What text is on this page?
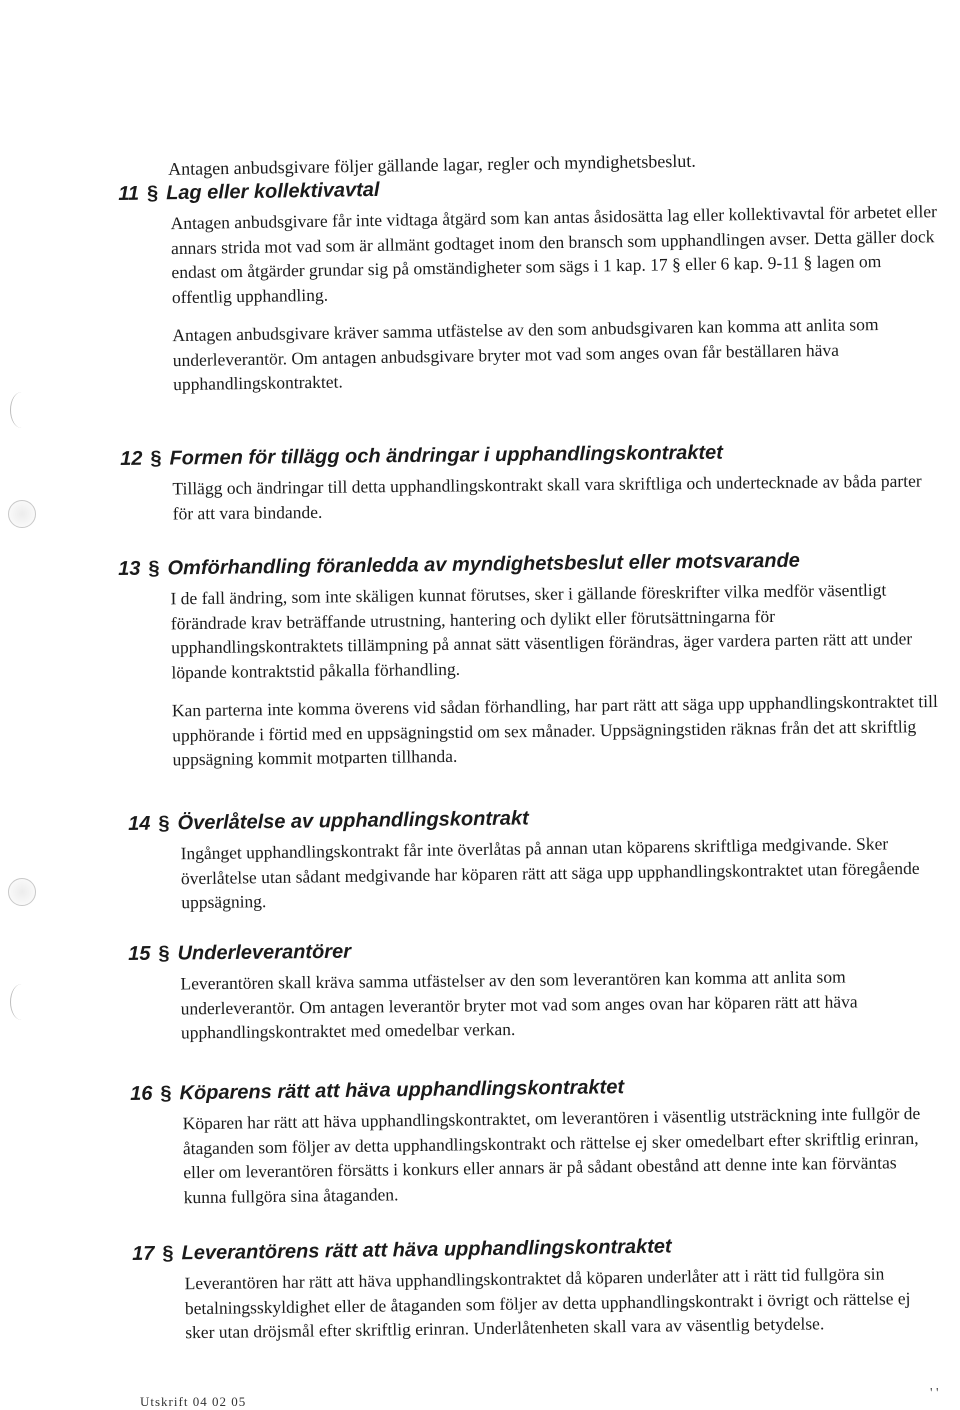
Antagen anbudsgivare följer gällande lagar, regler och myndighetsbeslut.

11 § Lag eller kollektivavtal

Antagen anbudsgivare får inte vidtaga åtgärd som kan antas åsidosätta lag eller kollektivavtal för arbetet eller annars strida mot vad som är allmänt godtaget inom den bransch som upphandlingen avser. Detta gäller dock endast om åtgärder grundar sig på omständigheter som sägs i 1 kap. 17 § eller 6 kap. 9-11 § lagen om offentlig upphandling.

Antagen anbudsgivare kräver samma utfästelse av den som anbudsgivaren kan komma att anlita som underleverantör. Om antagen anbudsgivare bryter mot vad som anges ovan får beställaren häva upphandlingskontraktet.

12 § Formen för tillägg och ändringar i upphandlingskontraktet

Tillägg och ändringar till detta upphandlingskontrakt skall vara skriftliga och undertecknade av båda parter för att vara bindande.

13 § Omförhandling föranledda av myndighetsbeslut eller motsvarande

I de fall ändring, som inte skäligen kunnat förutses, sker i gällande föreskrifter vilka medför väsentligt förändrade krav beträffande utrustning, hantering och dylikt eller förutsättningarna för upphandlingskontraktets tillämpning på annat sätt väsentligen förändras, äger vardera parten rätt att under löpande kontraktstid påkalla förhandling.

Kan parterna inte komma överens vid sådan förhandling, har part rätt att säga upp upphandlingskontraktet till upphörande i förtid med en uppsägningstid om sex månader. Uppsägningstiden räknas från det att skriftlig uppsägning kommit motparten tillhanda.

14 § Överlåtelse av upphandlingskontrakt

Ingånget upphandlingskontrakt får inte överlåtas på annan utan köparens skriftliga medgivande. Sker överlåtelse utan sådant medgivande har köparen rätt att säga upp upphandlingskontraktet utan föregående uppsägning.

15 § Underleverantörer

Leverantören skall kräva samma utfästelser av den som leverantören kan komma att anlita som underleverantör. Om antagen leverantör bryter mot vad som anges ovan har köparen rätt att häva upphandlingskontraktet med omedelbar verkan.

16 § Köparens rätt att häva upphandlingskontraktet

Köparen har rätt att häva upphandlingskontraktet, om leverantören i väsentlig utsträckning inte fullgör de åtaganden som följer av detta upphandlingskontrakt och rättelse ej sker omedelbart efter skriftlig erinran, eller om leverantören försätts i konkurs eller annars är på sådant obestånd att denne inte kan förväntas kunna fullgöra sina åtaganden.

17 § Leverantörens rätt att häva upphandlingskontraktet

Leverantören har rätt att häva upphandlingskontraktet då köparen underlåter att i rätt tid fullgöra sin betalningsskyldighet eller de åtaganden som följer av detta upphandlingskontrakt i övrigt och rättelse ej sker utan dröjsmål efter skriftlig erinran. Underlåtenheten skall vara av väsentlig betydelse.

Utskrift 04 02 05
' '
